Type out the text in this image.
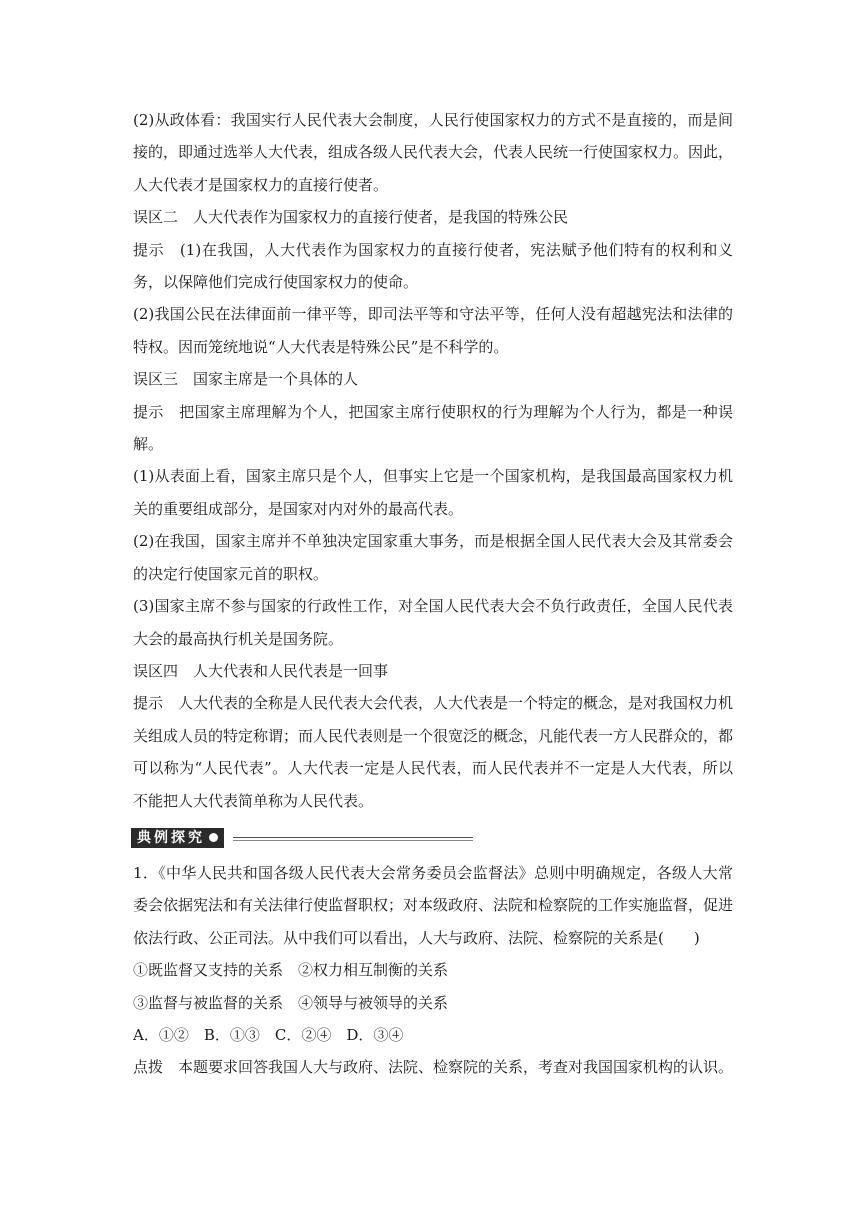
(2)从政体看：我国实行人民代表大会制度，人民行使国家权力的方式不是直接的，而是间接的，即通过选举人大代表，组成各级人民代表大会，代表人民统一行使国家权力。因此，人大代表才是国家权力的直接行使者。

误区二　人大代表作为国家权力的直接行使者，是我国的特殊公民

提示　(1)在我国，人大代表作为国家权力的直接行使者，宪法赋予他们特有的权利和义务，以保障他们完成行使国家权力的使命。

(2)我国公民在法律面前一律平等，即司法平等和守法平等，任何人没有超越宪法和法律的特权。因而笼统地说“人大代表是特殊公民”是不科学的。

误区三　国家主席是一个具体的人

提示　把国家主席理解为个人，把国家主席行使职权的行为理解为个人行为，都是一种误解。

(1)从表面上看，国家主席只是个人，但事实上它是一个国家机构，是我国最高国家权力机关的重要组成部分，是国家对内对外的最高代表。

(2)在我国，国家主席并不单独决定国家重大事务，而是根据全国人民代表大会及其常委会的决定行使国家元首的职权。

(3)国家主席不参与国家的行政性工作，对全国人民代表大会不负行政责任，全国人民代表大会的最高执行机关是国务院。

误区四　人大代表和人民代表是一回事

提示　人大代表的全称是人民代表大会代表，人大代表是一个特定的概念，是对我国权力机关组成人员的特定称谓；而人民代表则是一个很宽泛的概念，凡能代表一方人民群众的，都可以称为“人民代表”。人大代表一定是人民代表，而人民代表并不一定是人大代表，所以不能把人大代表简单称为人民代表。

典例探究

1．《中华人民共和国各级人民代表大会常务委员会监督法》总则中明确规定，各级人大常委会依据宪法和有关法律行使监督职权；对本级政府、法院和检察院的工作实施监督，促进依法行政、公正司法。从中我们可以看出，人大与政府、法院、检察院的关系是(　　)

①既监督又支持的关系　②权力相互制衡的关系

③监督与被监督的关系　④领导与被领导的关系

A．①②　B．①③　C．②④　D．③④

点拨　本题要求回答我国人大与政府、法院、检察院的关系，考查对我国国家机构的认识。
